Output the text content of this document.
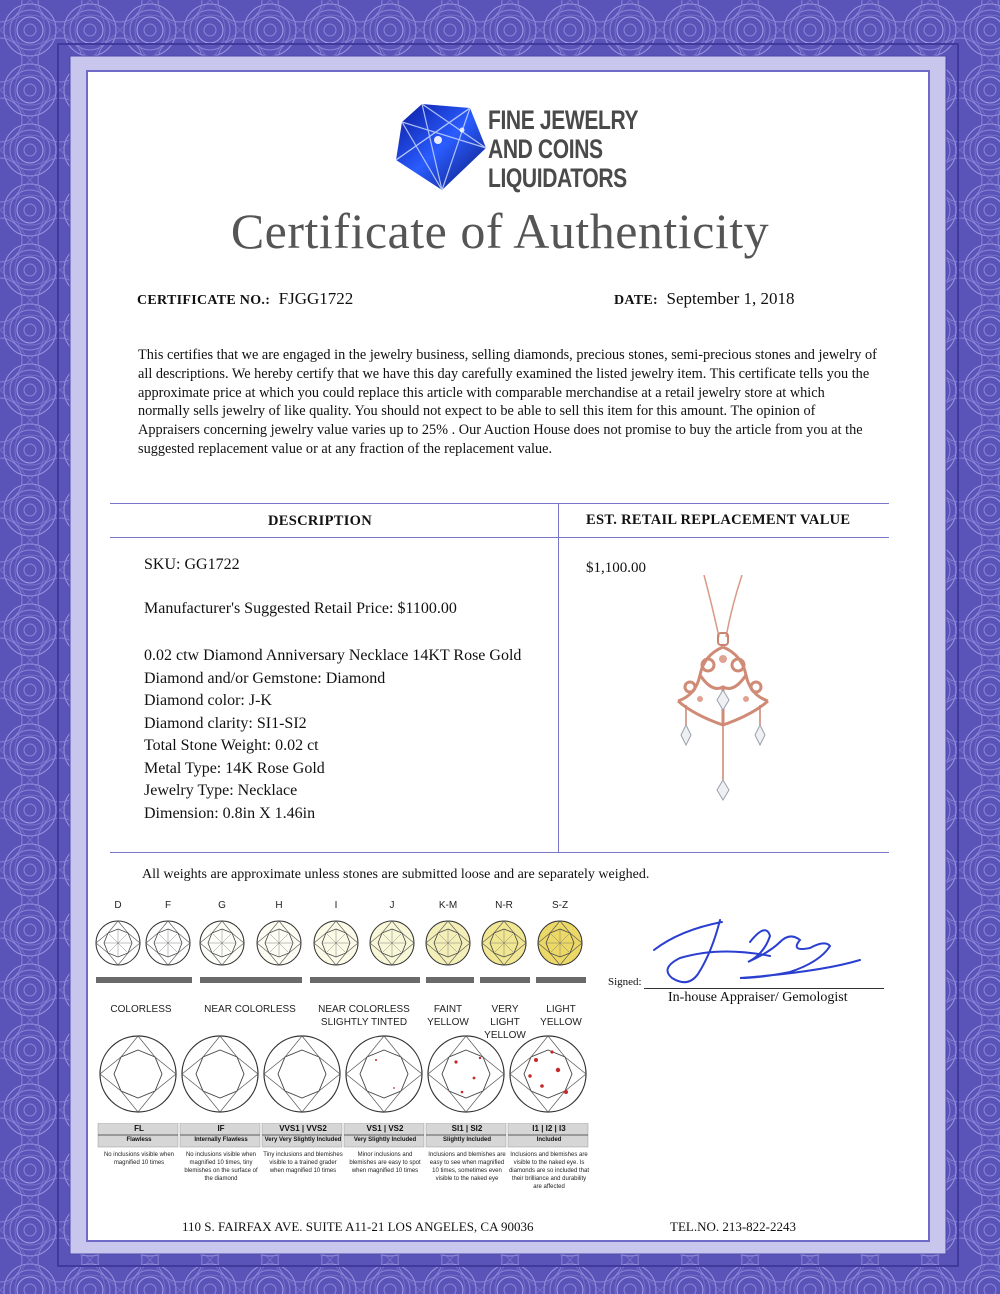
FINE JEWELRY
AND COINS
LIQUIDATORS
Certificate of Authenticity
CERTIFICATE NO.: FJGG1722	DATE: September 1, 2018
This certifies that we are engaged in the jewelry business, selling diamonds, precious stones, semi-precious stones and jewelry of all descriptions. We hereby certify that we have this day carefully examined the listed jewelry item. This certificate tells you the approximate price at which you could replace this article with comparable merchandise at a retail jewelry store at which normally sells jewelry of like quality. You should not expect to be able to sell this item for this amount. The opinion of Appraisers concerning jewelry value varies up to 25% . Our Auction House does not promise to buy the article from you at the suggested replacement value or at any fraction of the replacement value.
DESCRIPTION	EST. RETAIL REPLACEMENT VALUE
SKU: GG1722
Manufacturer's Suggested Retail Price: $1100.00
0.02 ctw Diamond Anniversary Necklace 14KT Rose Gold
Diamond and/or Gemstone: Diamond
Diamond color: J-K
Diamond clarity: SI1-SI2
Total Stone Weight: 0.02 ct
Metal Type: 14K Rose Gold
Jewelry Type: Necklace
Dimension: 0.8in X 1.46in
$1,100.00
All weights are approximate unless stones are submitted loose and are separately weighed.
D	F	G	H	I	J	K-M	N-R	S-Z
COLORLESS	NEAR COLORLESS	NEAR COLORLESS
SLIGHTLY TINTED
FAINT
YELLOW
VERY LIGHT
YELLOW
LIGHT
YELLOW
FL	IF	VVS1 | VVS2	VS1 | VS2	SI1 | SI2	I1 | I2 | I3
Flawless	Internally Flawless	Very Very Slightly Included	Very Slightly Included	Slightly Included	Included
No inclusions visible when magnified 10 times
No inclusions visible when magnified 10 times, tiny blemishes on the surface of the diamond
Tiny inclusions and blemishes visible to a trained grader when magnified 10 times
Minor inclusions and blemishes are easy to spot when magnified 10 times
Inclusions and blemishes are easy to see when magnified 10 times, sometimes even visible to the naked eye
Inclusions and blemishes are visible to the naked eye. Is diamonds are so included that their brilliance and durability are affected
Signed:
In-house Appraiser/ Gemologist
110 S. FAIRFAX AVE. SUITE A11-21 LOS ANGELES, CA 90036	TEL.NO. 213-822-2243
